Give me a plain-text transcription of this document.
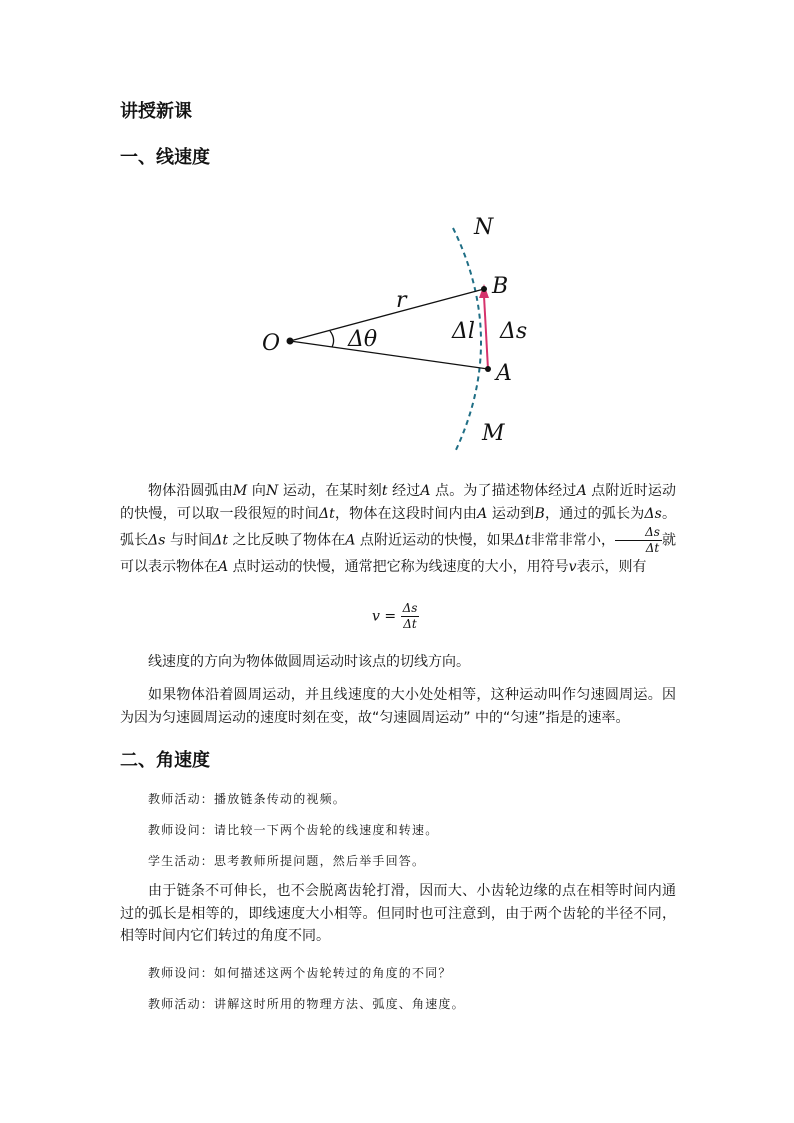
讲授新课
一、线速度
N
B
r
O	Δθ	Δl Δs
A
M
物体沿圆弧由M 向N 运动，在某时刻t 经过A 点。为了描述物体经过A 点附近时运动的快慢，可以取一段很短的时间Δt，物体在这段时间内由A 运动到B，通过的弧长为Δs。弧长Δs 与时间Δt 之比反映了物体在A 点附近运动的快慢，如果Δt非常非常小， $\frac{\Delta s}{\Delta t}$ 就可以表示物体在A 点时运动的快慢，通常把它称为线速度的大小，用符号v表示，则有
$v = \frac{\Delta s}{\Delta t}$
线速度的方向为物体做圆周运动时该点的切线方向。
如果物体沿着圆周运动，并且线速度的大小处处相等，这种运动叫作匀速圆周运。因为因为匀速圆周运动的速度时刻在变，故“匀速圆周运动” 中的“匀速”指是的速率。
二、角速度
教师活动：播放链条传动的视频。
教师设问：请比较一下两个齿轮的线速度和转速。
学生活动：思考教师所提问题，然后举手回答。
由于链条不可伸长，也不会脱离齿轮打滑，因而大、小齿轮边缘的点在相等时间内通过的弧长是相等的，即线速度大小相等。但同时也可注意到，由于两个齿轮的半径不同，相等时间内它们转过的角度不同。
教师设问：如何描述这两个齿轮转过的角度的不同？
教师活动：讲解这时所用的物理方法、弧度、角速度。
